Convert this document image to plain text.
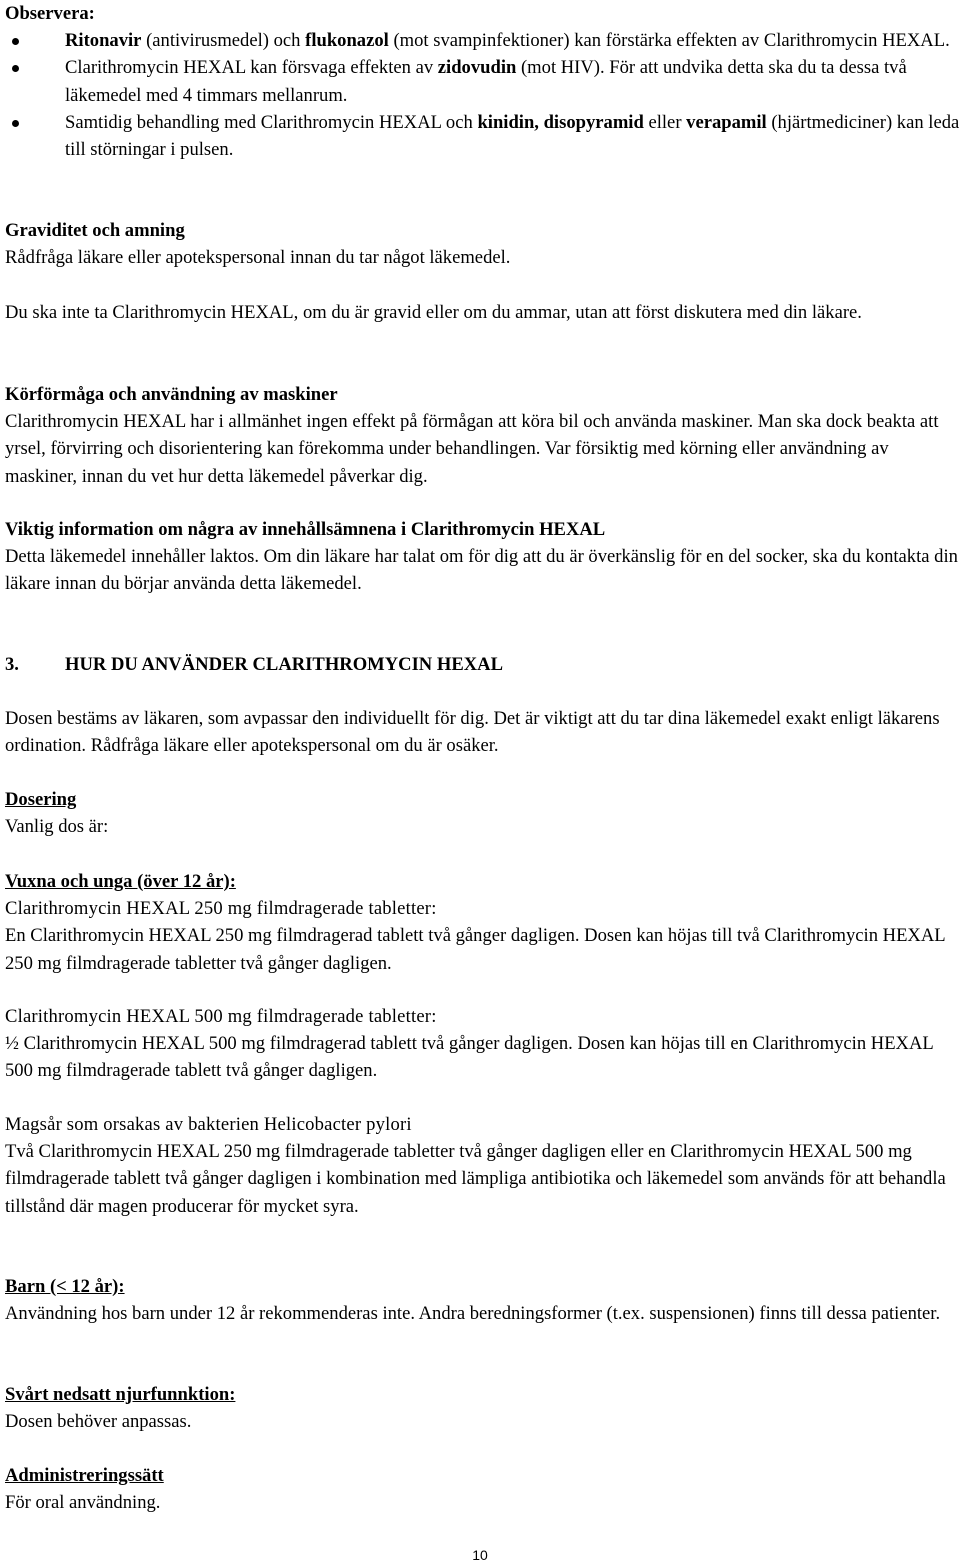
Observera:
Ritonavir (antivirusmedel) och flukonazol (mot svampinfektioner) kan förstärka effekten av Clarithromycin HEXAL.
Clarithromycin HEXAL kan försvaga effekten av zidovudin (mot HIV). För att undvika detta ska du ta dessa två läkemedel med 4 timmars mellanrum.
Samtidig behandling med Clarithromycin HEXAL och kinidin, disopyramid eller verapamil (hjärtmediciner) kan leda till störningar i pulsen.
Graviditet och amning
Rådfråga läkare eller apotekspersonal innan du tar något läkemedel.
Du ska inte ta Clarithromycin HEXAL, om du är gravid eller om du ammar, utan att först diskutera med din läkare.
Körförmåga och användning av maskiner
Clarithromycin HEXAL har i allmänhet ingen effekt på förmågan att köra bil och använda maskiner. Man ska dock beakta att yrsel, förvirring och disorientering kan förekomma under behandlingen. Var försiktig med körning eller användning av maskiner, innan du vet hur detta läkemedel påverkar dig.
Viktig information om några av innehållsämnena i Clarithromycin HEXAL
Detta läkemedel innehåller laktos. Om din läkare har talat om för dig att du är överkänslig för en del socker, ska du kontakta din läkare innan du börjar använda detta läkemedel.
3. HUR DU ANVÄNDER CLARITHROMYCIN HEXAL
Dosen bestäms av läkaren, som avpassar den individuellt för dig. Det är viktigt att du tar dina läkemedel exakt enligt läkarens ordination. Rådfråga läkare eller apotekspersonal om du är osäker.
Dosering
Vanlig dos är:
Vuxna och unga (över 12 år):
Clarithromycin HEXAL 250 mg filmdragerade tabletter:
En Clarithromycin HEXAL 250 mg filmdragerad tablett två gånger dagligen. Dosen kan höjas till två Clarithromycin HEXAL 250 mg filmdragerade tabletter två gånger dagligen.
Clarithromycin HEXAL 500 mg filmdragerade tabletter:
½ Clarithromycin HEXAL 500 mg filmdragerad tablett två gånger dagligen. Dosen kan höjas till en Clarithromycin HEXAL 500 mg filmdragerade tablett två gånger dagligen.
Magsår som orsakas av bakterien Helicobacter pylori
Två Clarithromycin HEXAL 250 mg filmdragerade tabletter två gånger dagligen eller en Clarithromycin HEXAL 500 mg filmdragerade tablett två gånger dagligen i kombination med lämpliga antibiotika och läkemedel som används för att behandla tillstånd där magen producerar för mycket syra.
Barn (< 12 år):
Användning hos barn under 12 år rekommenderas inte. Andra beredningsformer (t.ex. suspensionen) finns till dessa patienter.
Svårt nedsatt njurfunnktion:
Dosen behöver anpassas.
Administreringssätt
För oral användning.
10
